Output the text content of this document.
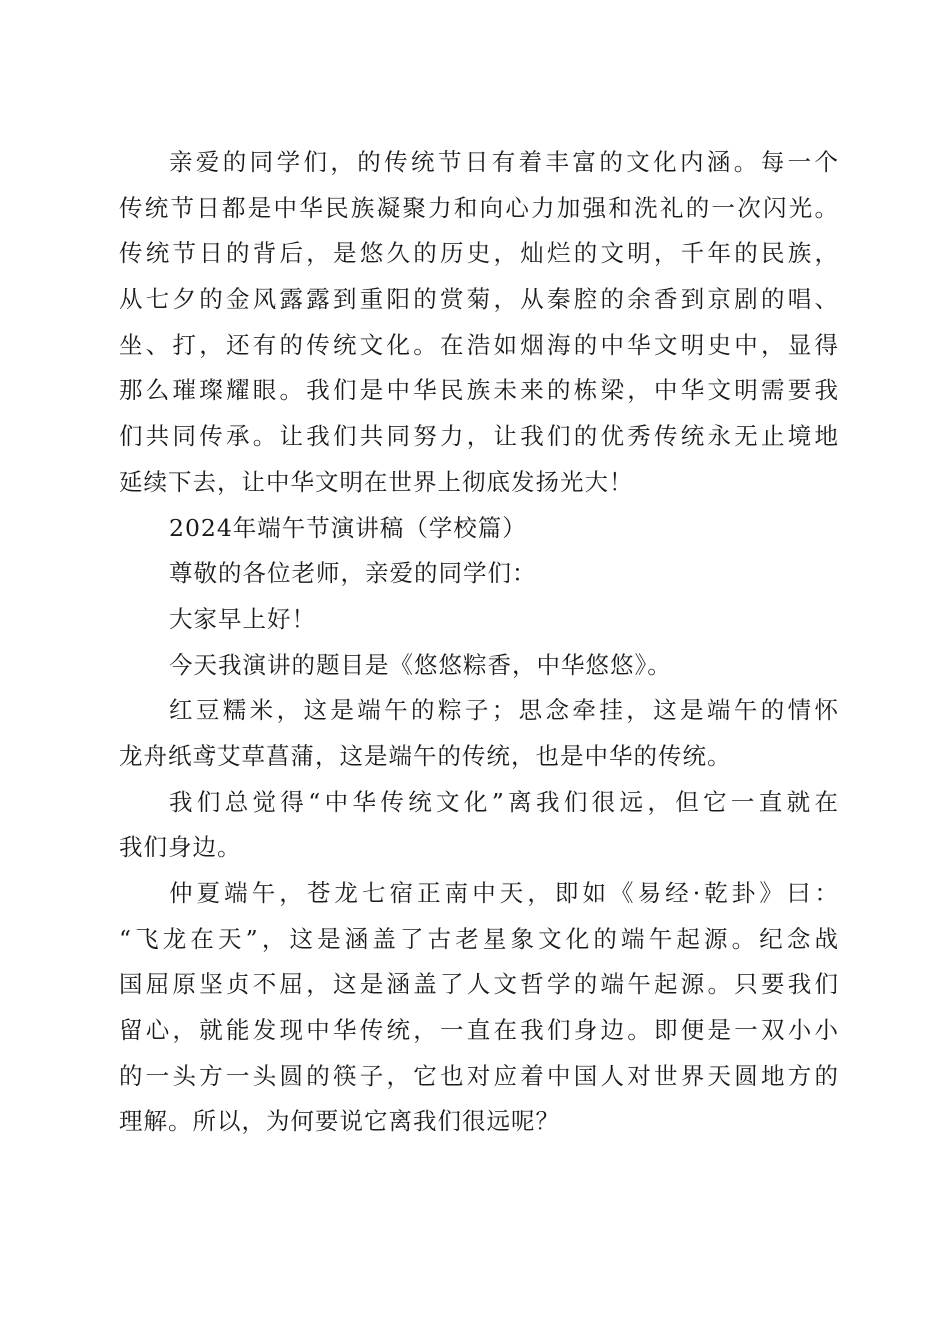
亲爱的同学们，的传统节日有着丰富的文化内涵。每一个
传统节日都是中华民族凝聚力和向心力加强和洗礼的一次闪光。
传统节日的背后，是悠久的历史，灿烂的文明，千年的民族，
从七夕的金风露露到重阳的赏菊，从秦腔的余香到京剧的唱、
坐、打，还有的传统文化。在浩如烟海的中华文明史中，显得
那么璀璨耀眼。我们是中华民族未来的栋梁，中华文明需要我
们共同传承。让我们共同努力，让我们的优秀传统永无止境地
延续下去，让中华文明在世界上彻底发扬光大！
2024年端午节演讲稿（学校篇）
尊敬的各位老师，亲爱的同学们：
大家早上好！
今天我演讲的题目是《悠悠粽香，中华悠悠》。
红豆糯米，这是端午的粽子；思念牵挂，这是端午的情怀
龙舟纸鸢艾草菖蒲，这是端午的传统，也是中华的传统。
我们总觉得“中华传统文化”离我们很远，但它一直就在
我们身边。
仲夏端午，苍龙七宿正南中天，即如《易经·乾卦》曰：
“飞龙在天”，这是涵盖了古老星象文化的端午起源。纪念战
国屈原坚贞不屈，这是涵盖了人文哲学的端午起源。只要我们
留心，就能发现中华传统，一直在我们身边。即便是一双小小
的一头方一头圆的筷子，它也对应着中国人对世界天圆地方的
理解。所以，为何要说它离我们很远呢？
